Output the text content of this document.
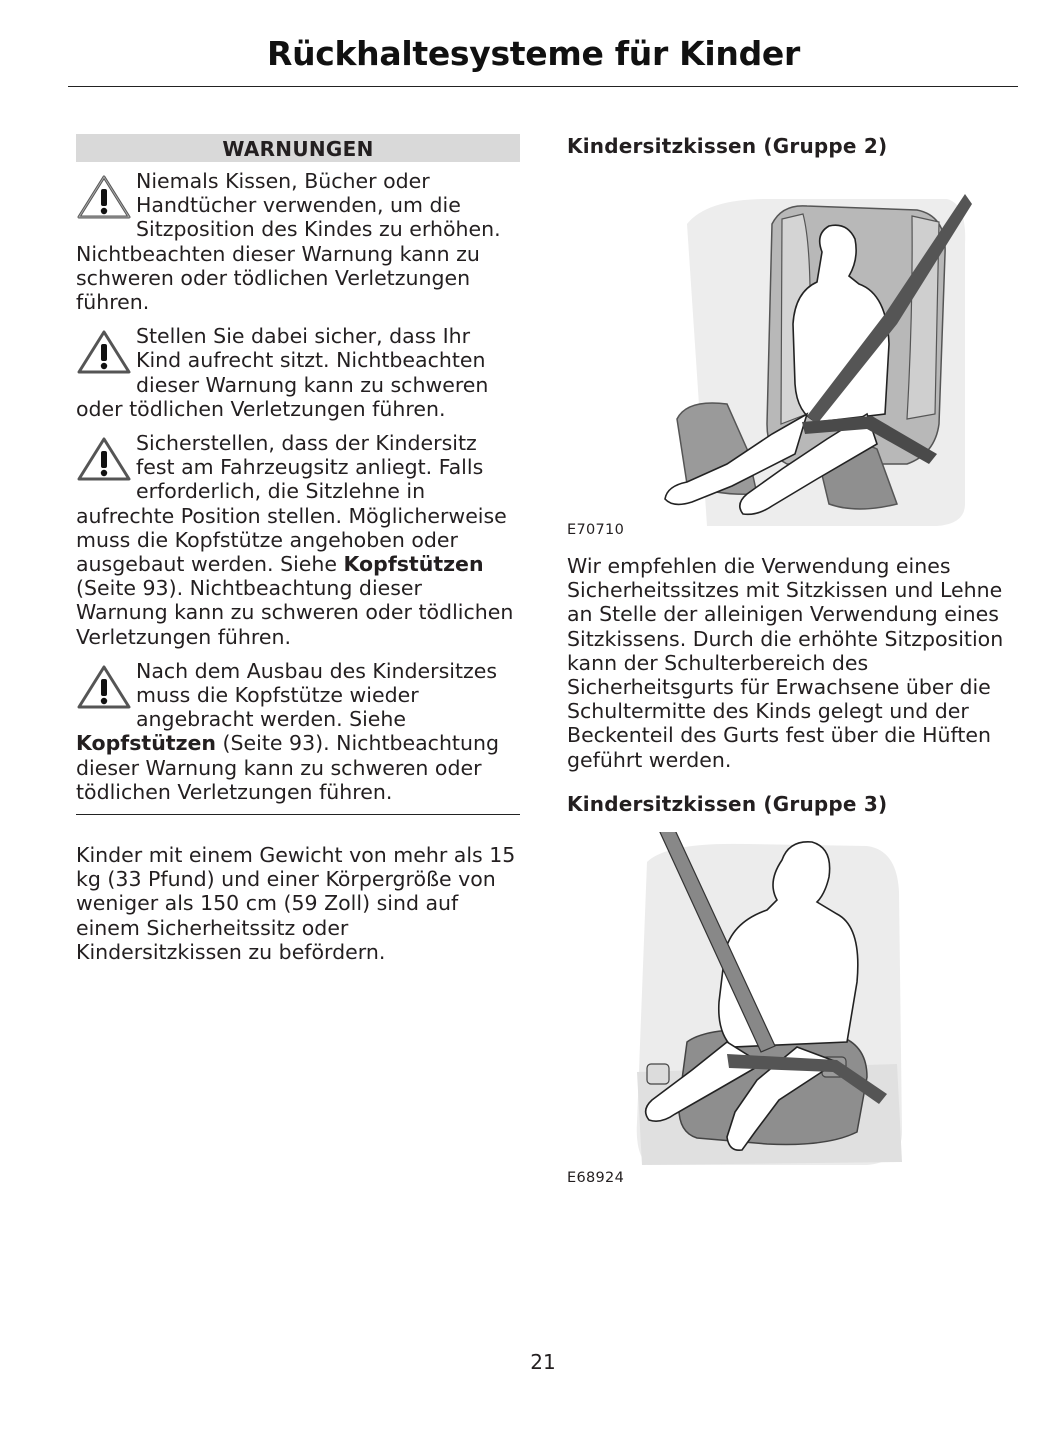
Rückhaltesysteme für Kinder
WARNUNGEN
Niemals Kissen, Bücher oder Handtücher verwenden, um die Sitzposition des Kindes zu erhöhen. Nichtbeachten dieser Warnung kann zu schweren oder tödlichen Verletzungen führen.
Stellen Sie dabei sicher, dass Ihr Kind aufrecht sitzt. Nichtbeachten dieser Warnung kann zu schweren oder tödlichen Verletzungen führen.
Sicherstellen, dass der Kindersitz fest am Fahrzeugsitz anliegt. Falls erforderlich, die Sitzlehne in aufrechte Position stellen. Möglicherweise muss die Kopfstütze angehoben oder ausgebaut werden. Siehe Kopfstützen (Seite 93). Nichtbeachtung dieser Warnung kann zu schweren oder tödlichen Verletzungen führen.
Nach dem Ausbau des Kindersitzes muss die Kopfstütze wieder angebracht werden. Siehe Kopfstützen (Seite 93). Nichtbeachtung dieser Warnung kann zu schweren oder tödlichen Verletzungen führen.
Kinder mit einem Gewicht von mehr als 15 kg (33 Pfund) und einer Körpergröße von weniger als 150 cm (59 Zoll) sind auf einem Sicherheitssitz oder Kindersitzkissen zu befördern.
Kindersitzkissen (Gruppe 2)
E70710
Wir empfehlen die Verwendung eines Sicherheitssitzes mit Sitzkissen und Lehne an Stelle der alleinigen Verwendung eines Sitzkissens. Durch die erhöhte Sitzposition kann der Schulterbereich des Sicherheitsgurts für Erwachsene über die Schultermitte des Kinds gelegt und der Beckenteil des Gurts fest über die Hüften geführt werden.
Kindersitzkissen (Gruppe 3)
E68924
21
